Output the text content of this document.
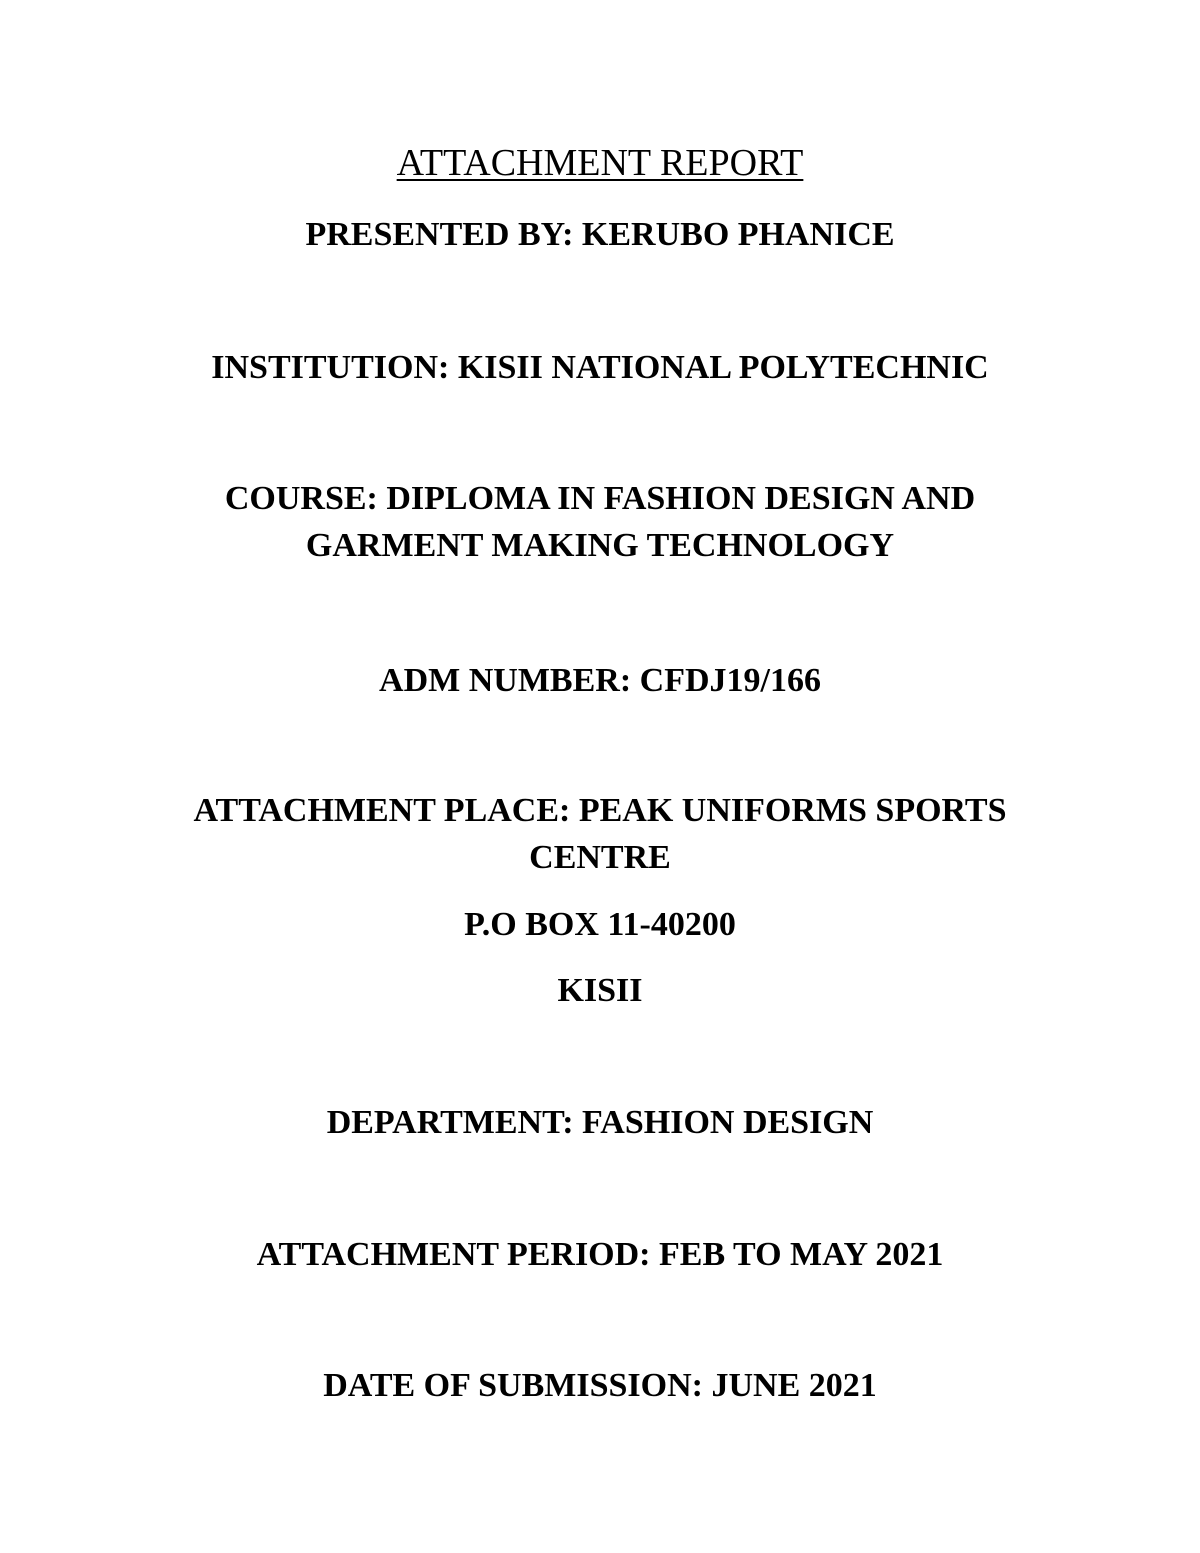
ATTACHMENT REPORT

PRESENTED BY: KERUBO PHANICE

INSTITUTION: KISII NATIONAL POLYTECHNIC

COURSE: DIPLOMA IN FASHION DESIGN AND

GARMENT MAKING TECHNOLOGY

ADM NUMBER: CFDJ19/166

ATTACHMENT PLACE: PEAK UNIFORMS SPORTS

CENTRE

P.O BOX 11-40200

KISII

DEPARTMENT: FASHION DESIGN

ATTACHMENT PERIOD: FEB TO MAY 2021

DATE OF SUBMISSION: JUNE 2021
